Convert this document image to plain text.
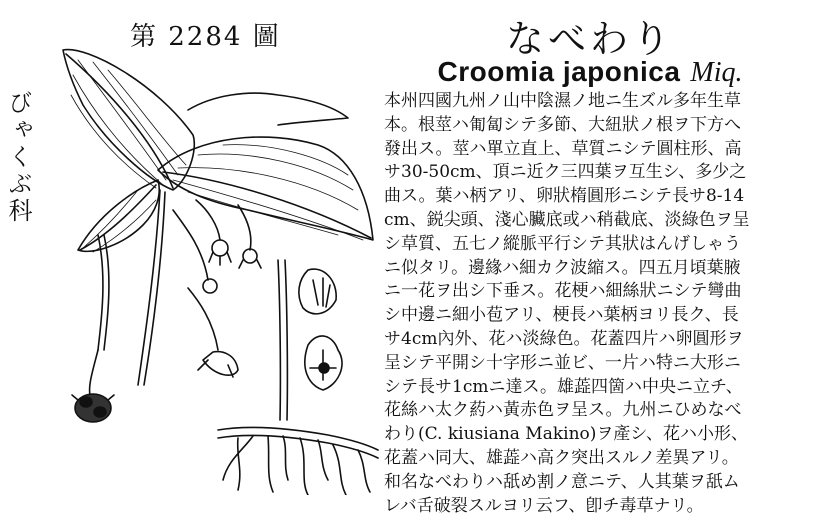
第 2284 圖
びゃくぶ科
なべわり
Croomia japonica Miq.
本州四國九州ノ山中陰濕ノ地ニ生ズル多年生草
本。根莖ハ匍匐シテ多節、大紐狀ノ根ヲ下方へ
發出ス。莖ハ單立直上、草質ニシテ圓柱形、高
サ30-50cm、頂ニ近ク三四葉ヲ互生シ、多少之
曲ス。葉ハ柄アリ、卵狀楕圓形ニシテ長サ8-14
cm、鋭尖頭、淺心臟底或ハ稍截底、淡綠色ヲ呈
シ草質、五七ノ縱脈平行シテ其狀はんげしゃう
ニ似タリ。邊緣ハ細カク波縮ス。四五月頃葉腋
ニ一花ヲ出シ下垂ス。花梗ハ細絲狀ニシテ彎曲
シ中邊ニ細小苞アリ、梗長ハ葉柄ヨリ長ク、長
サ4cm內外、花ハ淡綠色。花蓋四片ハ卵圓形ヲ
呈シテ平開シ十字形ニ並ビ、一片ハ特ニ大形ニ
シテ長サ1cmニ達ス。雄蕋四箇ハ中央ニ立チ、
花絲ハ太ク葯ハ黃赤色ヲ呈ス。九州ニひめなべ
わり(C. kiusiana Makino)ヲ產シ、花ハ小形、
花蓋ハ同大、雄蕋ハ高ク突出スルノ差異アリ。
和名なべわりハ舐め割ノ意ニテ、人其葉ヲ舐ム
レバ舌破裂スルヨリ云フ、卽チ毒草ナリ。
